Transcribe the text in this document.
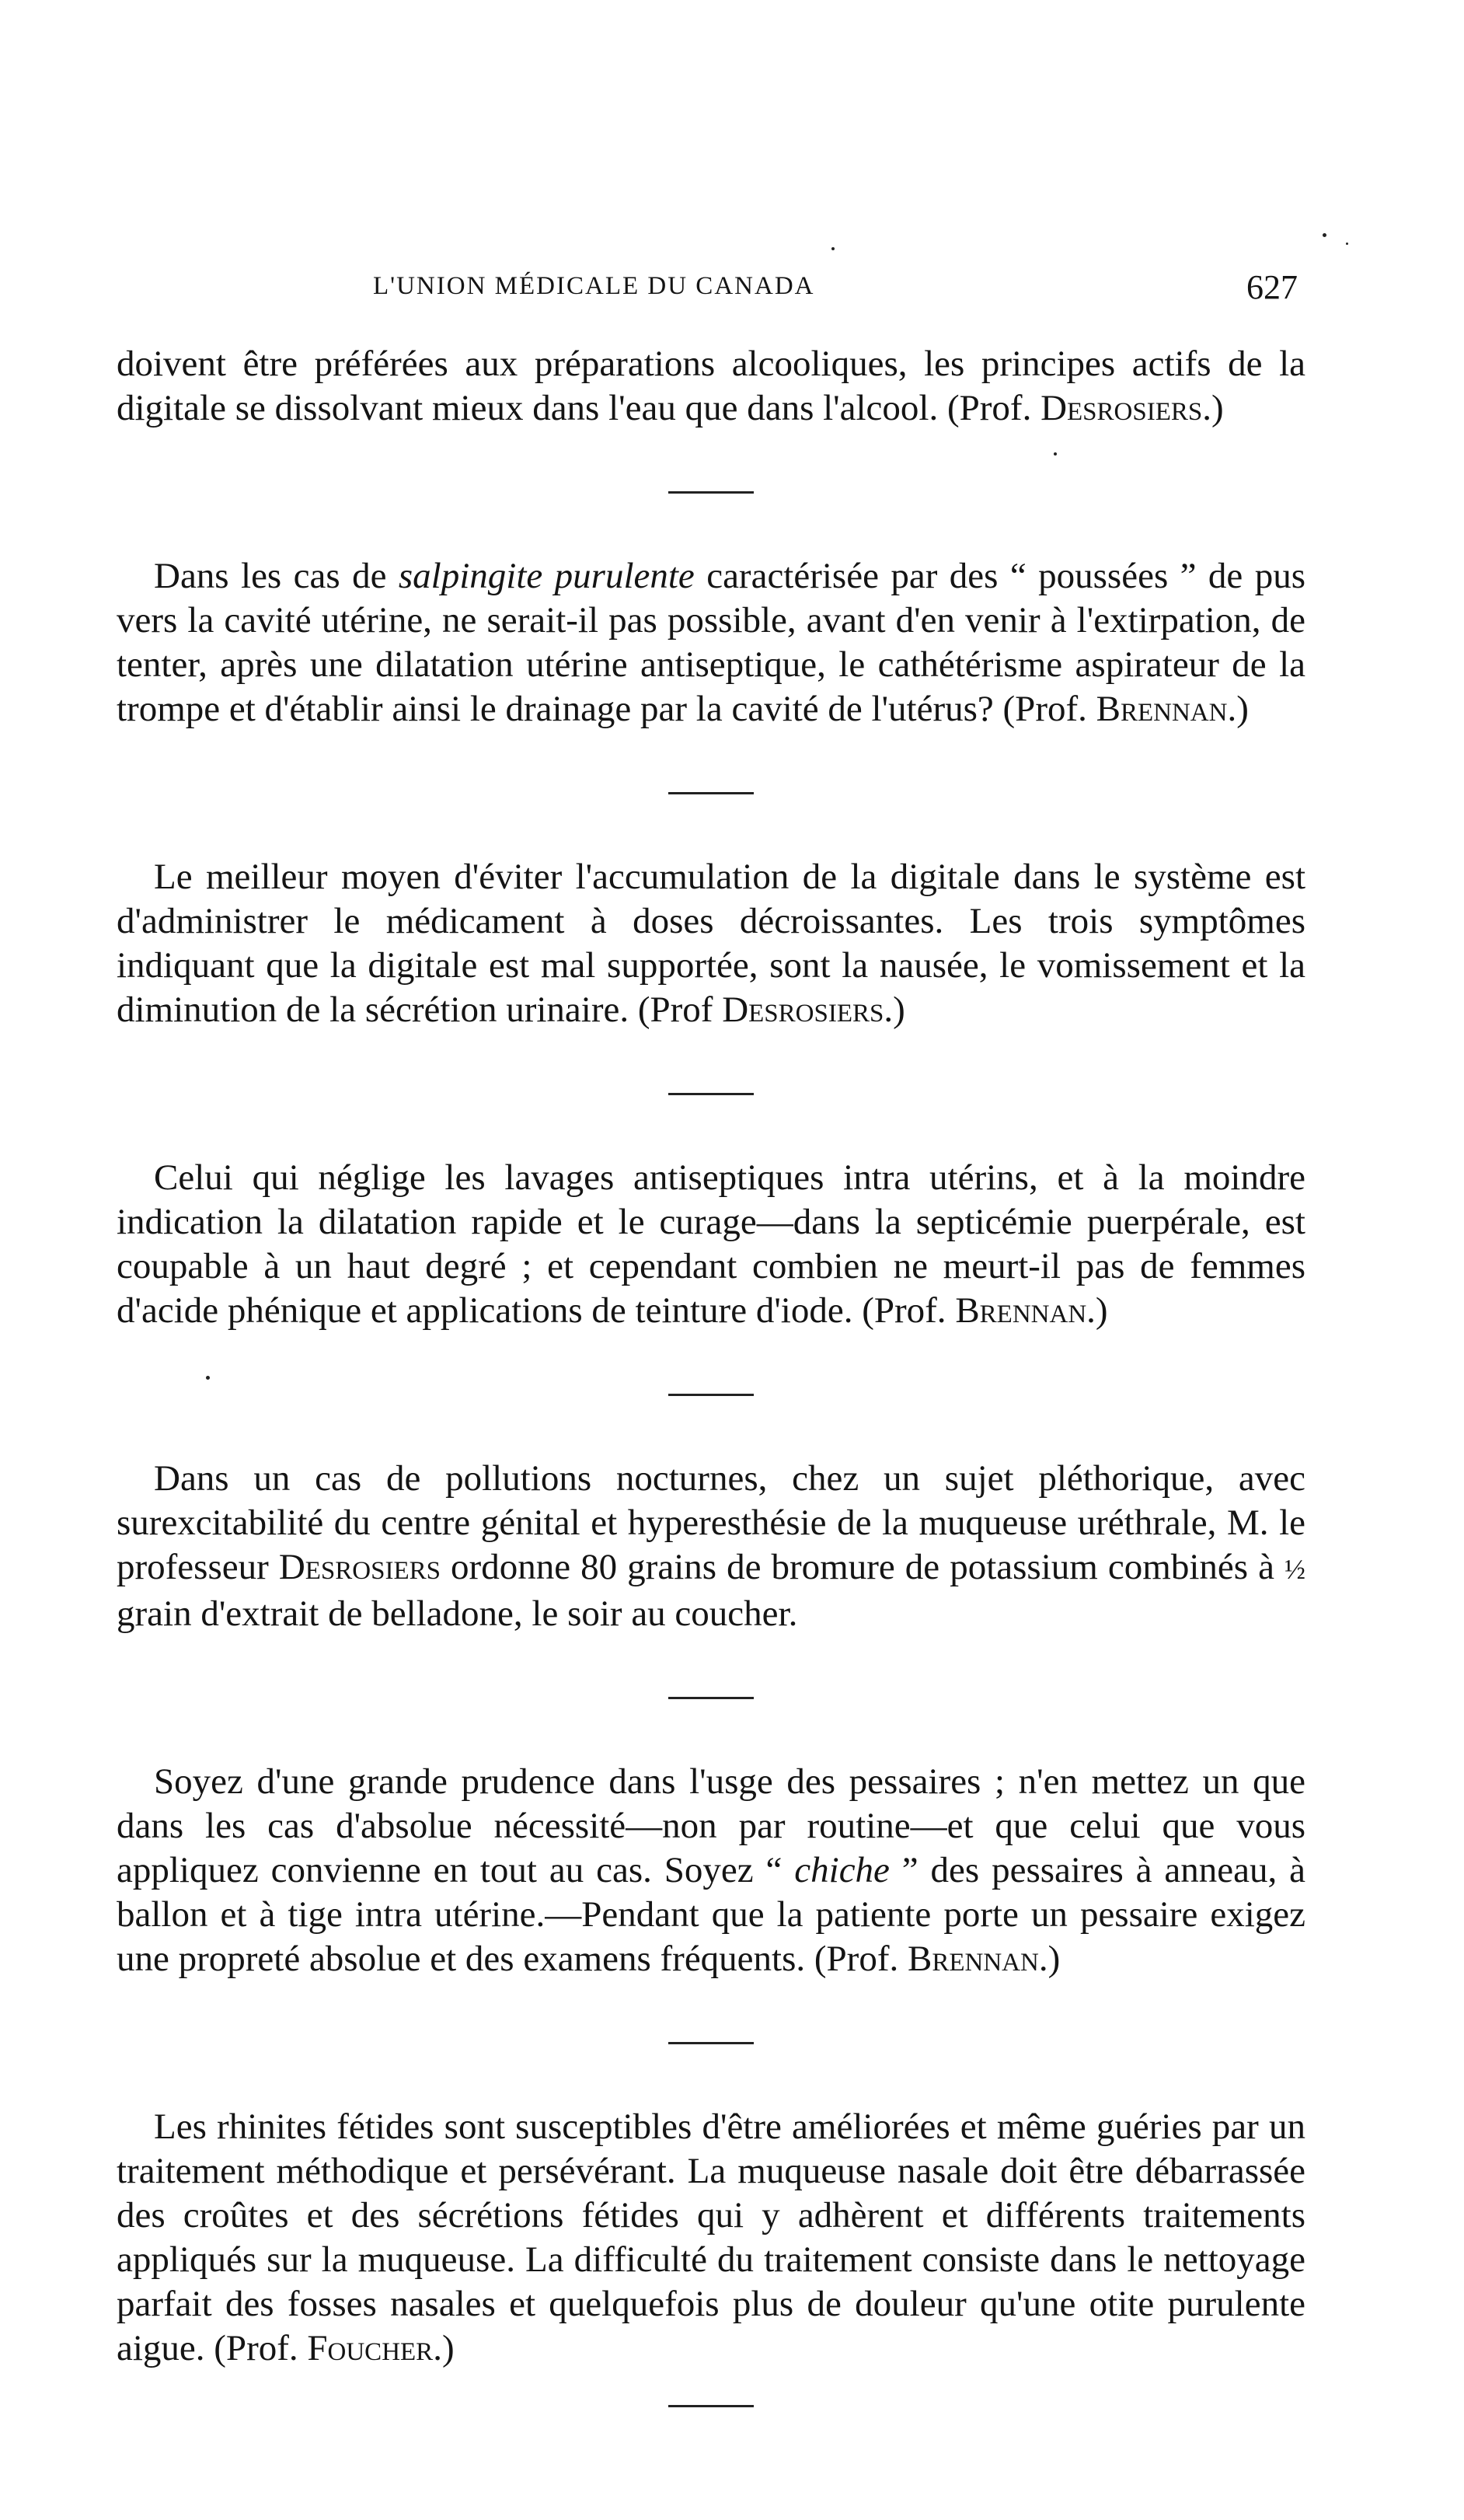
L'UNION MÉDICALE DU CANADA	627

doivent être préférées aux préparations alcooliques, les principes actifs de la digitale se dissolvant mieux dans l'eau que dans l'alcool. (Prof. Desrosiers.)

Dans les cas de salpingite purulente caractérisée par des “ poussées ” de pus vers la cavité utérine, ne serait-il pas possible, avant d'en venir à l'extirpation, de tenter, après une dilatation utérine antiseptique, le cathétérisme aspirateur de la trompe et d'établir ainsi le drainage par la cavité de l'utérus? (Prof. Brennan.)

Le meilleur moyen d'éviter l'accumulation de la digitale dans le système est d'administrer le médicament à doses décroissantes. Les trois symptômes indiquant que la digitale est mal supportée, sont la nausée, le vomissement et la diminution de la sécrétion urinaire. (Prof Desrosiers.)

Celui qui néglige les lavages antiseptiques intra utérins, et à la moindre indication la dilatation rapide et le curage—dans la septicémie puerpérale, est coupable à un haut degré ; et cependant combien ne meurt-il pas de femmes d'acide phénique et applications de teinture d'iode. (Prof. Brennan.)

Dans un cas de pollutions nocturnes, chez un sujet pléthorique, avec surexcitabilité du centre génital et hyperesthésie de la muqueuse uréthrale, M. le professeur Desrosiers ordonne 80 grains de bromure de potassium combinés à ½ grain d'extrait de belladone, le soir au coucher.

Soyez d'une grande prudence dans l'usge des pessaires ; n'en mettez un que dans les cas d'absolue nécessité—non par routine—et que celui que vous appliquez convienne en tout au cas. Soyez “ chiche ” des pessaires à anneau, à ballon et à tige intra utérine.—Pendant que la patiente porte un pessaire exigez une propreté absolue et des examens fréquents. (Prof. Brennan.)

Les rhinites fétides sont susceptibles d'être améliorées et même guéries par un traitement méthodique et persévérant. La muqueuse nasale doit être débarrassée des croûtes et des sécrétions fétides qui y adhèrent et différents traitements appliqués sur la muqueuse. La difficulté du traitement consiste dans le nettoyage parfait des fosses nasales et quelquefois plus de douleur qu'une otite purulente aigue. (Prof. Foucher.)
